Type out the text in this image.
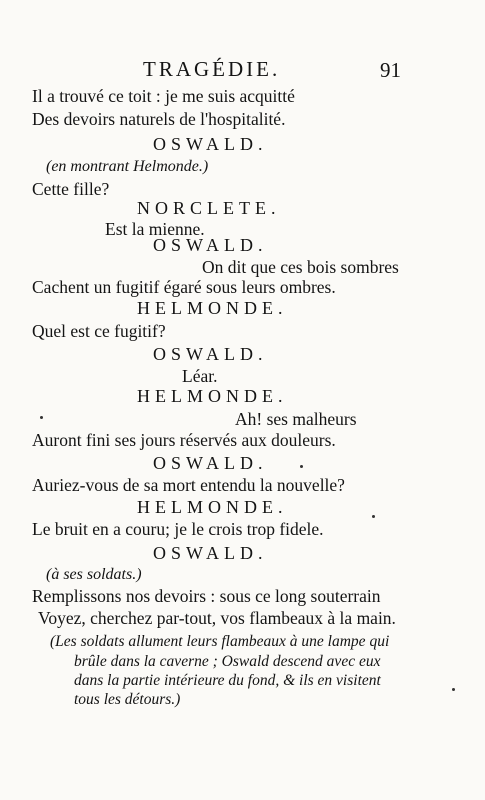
TRAGÉDIE.	91
Il a trouvé ce toit : je me suis acquitté
Des devoirs naturels de l'hospitalité.
OSWALD.
(en montrant Helmonde.)
Cette fille?
NORCLETE.
Est la mienne.
OSWALD.
On dit que ces bois sombres
Cachent un fugitif égaré sous leurs ombres.
HELMONDE.
Quel est ce fugitif?
OSWALD.
Léar.
HELMONDE.
Ah! ses malheurs
Auront fini ses jours réservés aux douleurs.
OSWALD.
Auriez-vous de sa mort entendu la nouvelle?
HELMONDE.
Le bruit en a couru; je le crois trop fidele.
OSWALD.
(à ses soldats.)
Remplissons nos devoirs : sous ce long souterrain
Voyez, cherchez par-tout, vos flambeaux à la main.
(Les soldats allument leurs flambeaux à une lampe qui
brûle dans la caverne ; Oswald descend avec eux
dans la partie intérieure du fond, & ils en visitent
tous les détours.)
